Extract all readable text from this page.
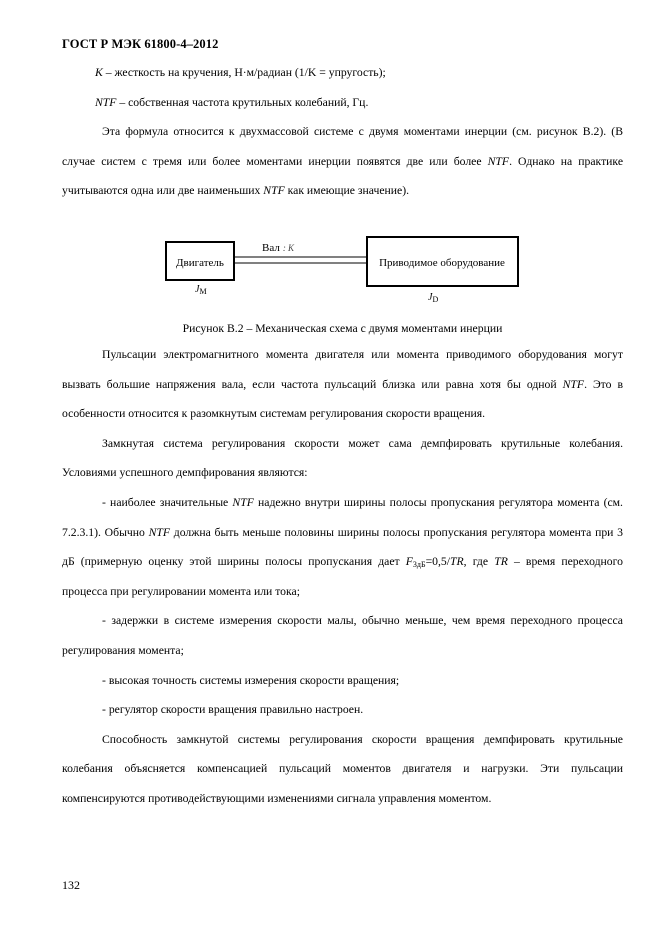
ГОСТ Р МЭК 61800-4–2012

K – жесткость на кручения, Н·м/радиан (1/K = упругость);

NTF – собственная частота крутильных колебаний, Гц.

Эта формула относится к двухмассовой системе с двумя моментами инерции (см. рисунок В.2). (В случае систем с тремя или более моментами инерции появятся две или более NTF. Однако на практике учитываются одна или две наименьших NTF как имеющие значение).

Двигатель
Вал : K
Приводимое оборудование
$J_M$
$J_D$
Рисунок В.2 – Механическая схема с двумя моментами инерции

Пульсации электромагнитного момента двигателя или момента приводимого оборудования могут вызвать большие напряжения вала, если частота пульсаций близка или равна хотя бы одной NTF. Это в особенности относится к разомкнутым системам регулирования скорости вращения.

Замкнутая система регулирования скорости может сама демпфировать крутильные колебания. Условиями успешного демпфирования являются:

- наиболее значительные NTF надежно внутри ширины полосы пропускания регулятора момента (см. 7.2.3.1). Обычно NTF должна быть меньше половины ширины полосы пропускания регулятора момента при 3 дБ (примерную оценку этой ширины полосы пропускания дает $F_{3дБ}=0,5/TR$, где TR – время переходного процесса при регулировании момента или тока;

- задержки в системе измерения скорости малы, обычно меньше, чем время переходного процесса регулирования момента;

- высокая точность системы измерения скорости вращения;

- регулятор скорости вращения правильно настроен.

Способность замкнутой системы регулирования скорости вращения демпфировать крутильные колебания объясняется компенсацией пульсаций моментов двигателя и нагрузки. Эти пульсации компенсируются противодействующими изменениями сигнала управления моментом.

132
